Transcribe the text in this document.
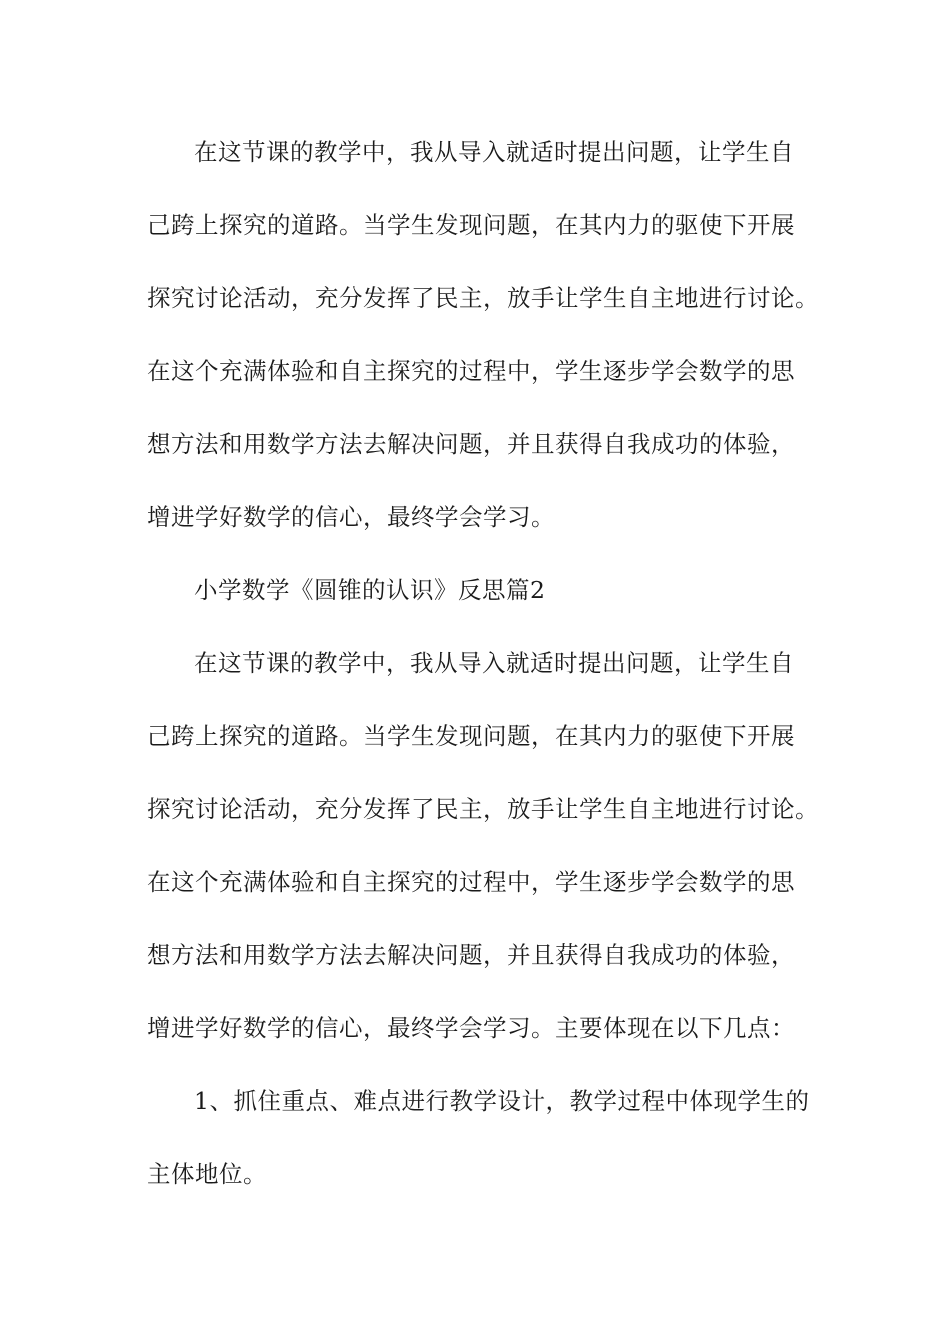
在这节课的教学中，我从导入就适时提出问题，让学生自
己跨上探究的道路。当学生发现问题，在其内力的驱使下开展
探究讨论活动，充分发挥了民主，放手让学生自主地进行讨论。
在这个充满体验和自主探究的过程中，学生逐步学会数学的思
想方法和用数学方法去解决问题，并且获得自我成功的体验，
增进学好数学的信心，最终学会学习。
小学数学《圆锥的认识》反思篇2
在这节课的教学中，我从导入就适时提出问题，让学生自
己跨上探究的道路。当学生发现问题，在其内力的驱使下开展
探究讨论活动，充分发挥了民主，放手让学生自主地进行讨论。
在这个充满体验和自主探究的过程中，学生逐步学会数学的思
想方法和用数学方法去解决问题，并且获得自我成功的体验，
增进学好数学的信心，最终学会学习。主要体现在以下几点：
1、抓住重点、难点进行教学设计，教学过程中体现学生的
主体地位。
